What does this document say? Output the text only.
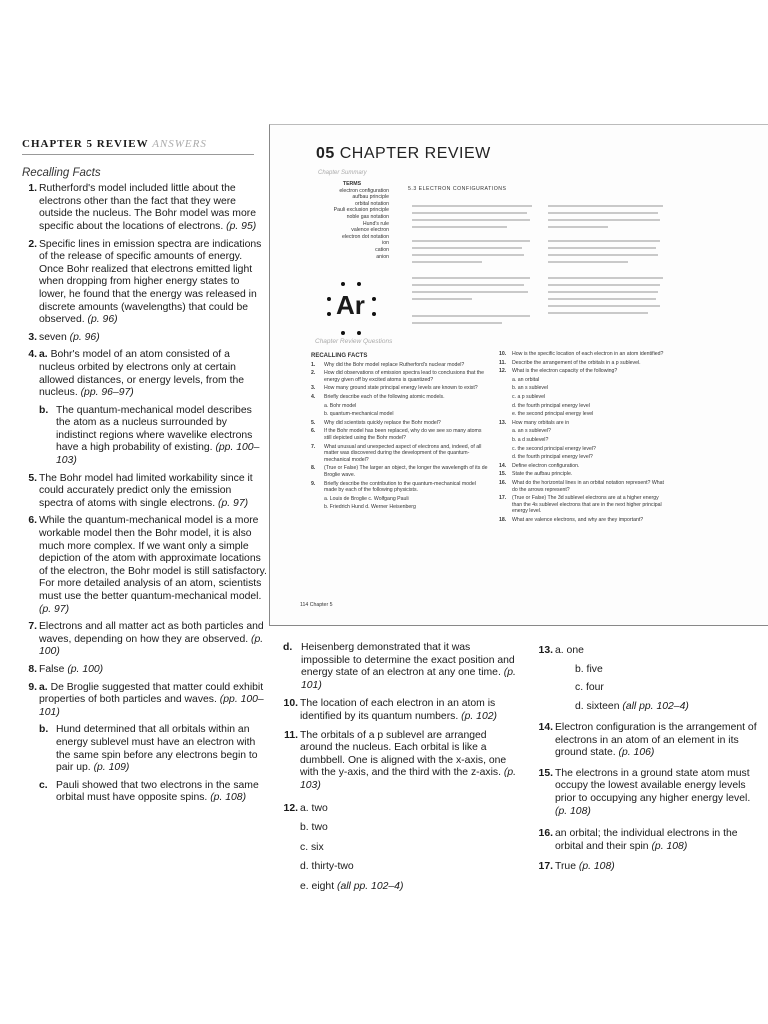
CHAPTER 5 REVIEW ANSWERS
Recalling Facts
1. Rutherford's model included little about the electrons other than the fact that they were outside the nucleus. The Bohr model was more specific about the locations of electrons. (p. 95)
2. Specific lines in emission spectra are indications of the release of specific amounts of energy. Once Bohr realized that electrons emitted light when dropping from higher energy states to lower, he found that the energy was released in discrete amounts (wavelengths) that could be observed. (p. 96)
3. seven (p. 96)
4. a. Bohr's model of an atom consisted of a nucleus orbited by electrons only at certain allowed distances, or energy levels, from the nucleus. (pp. 96–97)
b. The quantum-mechanical model describes the atom as a nucleus surrounded by indistinct regions where wavelike electrons have a high probability of existing. (pp. 100–103)
5. The Bohr model had limited workability since it could accurately predict only the emission spectra of atoms with single electrons. (p. 97)
6. While the quantum-mechanical model is a more workable model then the Bohr model, it is also much more complex. If we want only a simple depiction of the atom with approximate locations of the electron, the Bohr model is still satisfactory. For more detailed analysis of an atom, scientists must use the better quantum-mechanical model. (p. 97)
7. Electrons and all matter act as both particles and waves, depending on how they are observed. (p. 100)
8. False (p. 100)
9. a. De Broglie suggested that matter could exhibit properties of both particles and waves. (pp. 100–101)
b. Hund determined that all orbitals within an energy sublevel must have an electron with the same spin before any electrons begin to pair up. (p. 109)
c. Pauli showed that two electrons in the same orbital must have opposite spins. (p. 108)
05 CHAPTER REVIEW
Chapter Summary
TERMS
electron configuration
aufbau principle
orbital notation
Pauli exclusion principle
noble gas notation
Hund's rule
valence electron
electron dot notation
ion
cation
anion
5.3 ELECTRON CONFIGURATIONS
Ar
Chapter Review Questions
RECALLING FACTS
1. Why did the Bohr model replace Rutherford's nuclear model?
2. How did observations of emission spectra lead to conclusions that the energy given off by excited atoms is quantized?
3. How many ground state principal energy levels are known to exist?
4. Briefly describe each of the following atomic models.
a. Bohr model
b. quantum-mechanical model
5. Why did scientists quickly replace the Bohr model?
6. If the Bohr model has been replaced, why do we see so many atoms still depicted using the Bohr model?
7. What unusual and unexpected aspect of electrons and, indeed, of all matter was discovered during the development of the quantum-mechanical model?
8. (True or False) The larger an object, the longer the wavelength of its de Broglie wave.
9. Briefly describe the contribution to the quantum-mechanical model made by each of the following physicists.
a. Louis de Broglie c. Wolfgang Pauli
b. Friedrich Hund d. Werner Heisenberg
10. How is the specific location of each electron in an atom identified?
11. Describe the arrangement of the orbitals in a p sublevel.
12. What is the electron capacity of the following?
a. an orbital
b. an s sublevel
c. a p sublevel
d. the fourth principal energy level
e. the second principal energy level
13. How many orbitals are in
a. an s sublevel?
b. a d sublevel?
c. the second principal energy level?
d. the fourth principal energy level?
14. Define electron configuration.
15. State the aufbau principle.
16. What do the horizontal lines in an orbital notation represent? What do the arrows represent?
17. (True or False) The 3d sublevel electrons are at a higher energy than the 4s sublevel electrons that are in the next higher principal energy level.
18. What are valence electrons, and why are they important?
114 Chapter 5
d. Heisenberg demonstrated that it was impossible to determine the exact position and energy state of an electron at any one time. (p. 101)
10. The location of each electron in an atom is identified by its quantum numbers. (p. 102)
11. The orbitals of a p sublevel are arranged around the nucleus. Each orbital is like a dumbbell. One is aligned with the x-axis, one with the y-axis, and the third with the z-axis. (p. 103)
12. a. two
b. two
c. six
d. thirty-two
e. eight (all pp. 102–4)
13. a. one
b. five
c. four
d. sixteen (all pp. 102–4)
14. Electron configuration is the arrangement of electrons in an atom of an element in its ground state. (p. 106)
15. The electrons in a ground state atom must occupy the lowest available energy levels prior to occupying any higher energy level. (p. 108)
16. an orbital; the individual electrons in the orbital and their spin (p. 108)
17. True (p. 108)
